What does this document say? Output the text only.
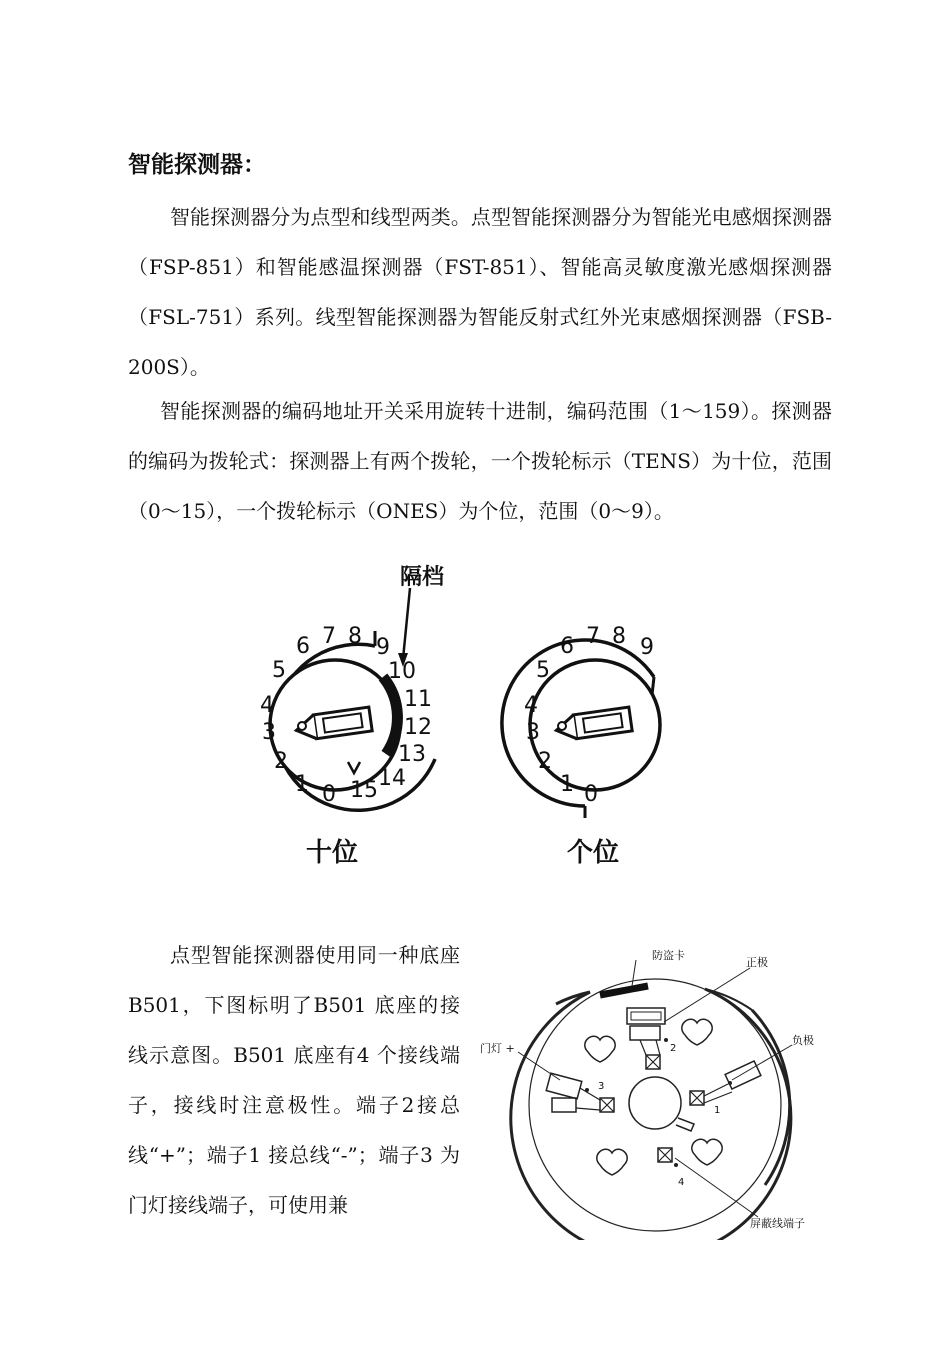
智能探测器：

智能探测器分为点型和线型两类。点型智能探测器分为智能光电感烟探测器（FSP-851）和智能感温探测器（FST-851）、智能高灵敏度激光感烟探测器（FSL-751）系列。线型智能探测器为智能反射式红外光束感烟探测器（FSB-200S）。

智能探测器的编码地址开关采用旋转十进制，编码范围（1～159）。探测器的编码为拨轮式：探测器上有两个拨轮，一个拨轮标示（TENS）为十位，范围（0～15），一个拨轮标示（ONES）为个位，范围（0～9）。

隔档
0
1
2
3
4
5
6 7 8 9
10
11
12
13
14
15
十位
0
1
2
3
4
5
6 7 8 9
个位

点型智能探测器使用同一种底座B501，下图标明了B501 底座的接线示意图。B501 底座有4 个接线端子，接线时注意极性。端子2接总线“+”；端子1 接总线“-”；端子3 为门灯接线端子，可使用兼

防盗卡
正极
负极
门灯 +
屏蔽线端子
2
1
3
4
